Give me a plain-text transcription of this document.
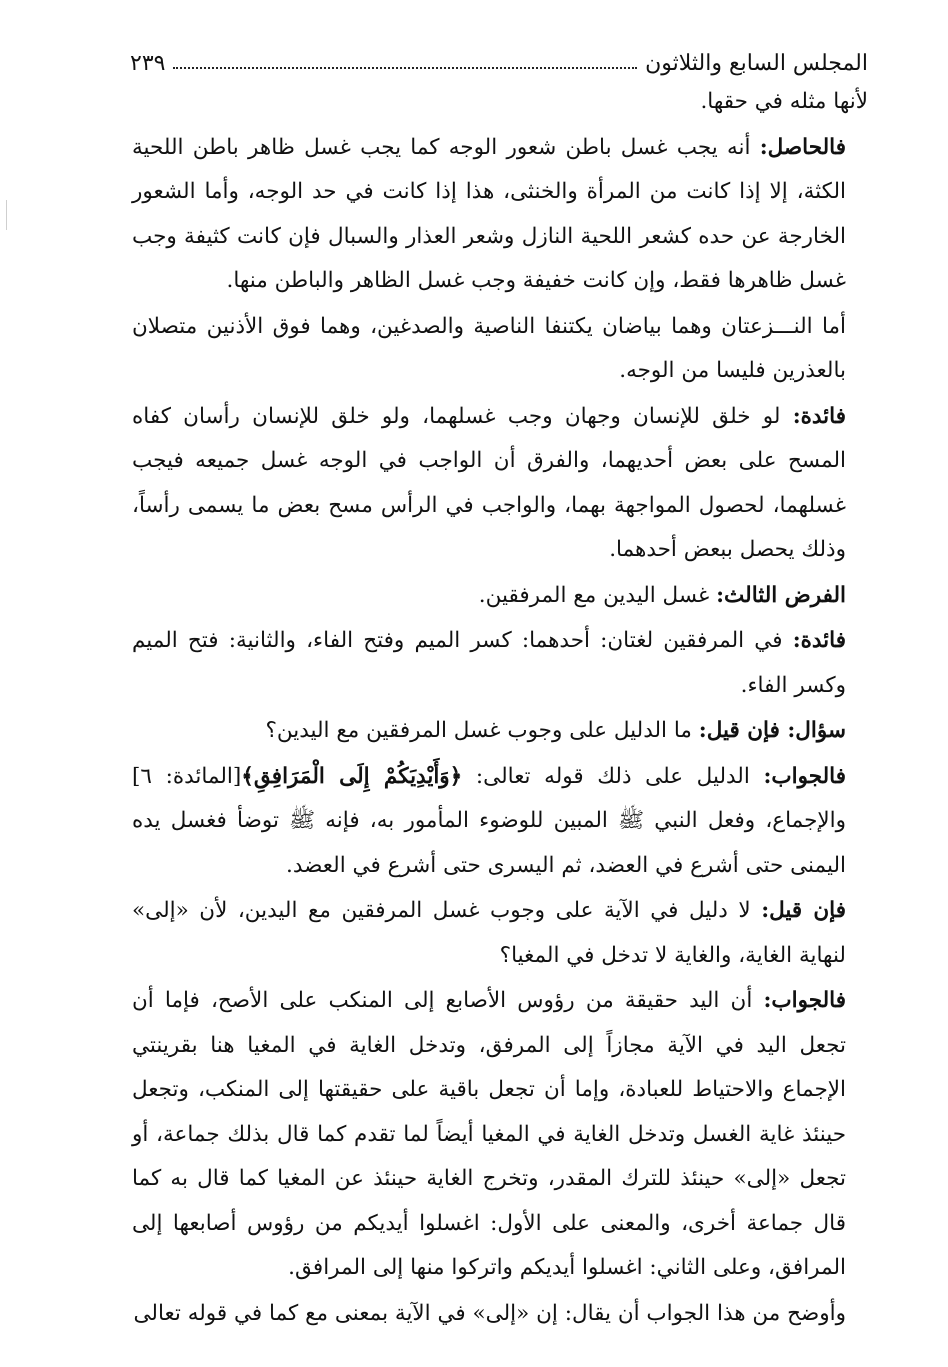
المجلس السابع والثلاثون
٢٣٩

لأنها مثله في حقها.

فالحاصل: أنه يجب غسل باطن شعور الوجه كما يجب غسل ظاهر باطن اللحية الكثة، إلا إذا كانت من المرأة والخنثى، هذا إذا كانت في حد الوجه، وأما الشعور الخارجة عن حده كشعر اللحية النازل وشعر العذار والسبال فإن كانت كثيفة وجب غسل ظاهرها فقط، وإن كانت خفيفة وجب غسل الظاهر والباطن منها.

أما النـــزعتان وهما بياضان يكتنفا الناصية والصدغين، وهما فوق الأذنين متصلان بالعذرين فليسا من الوجه.

فائدة: لو خلق للإنسان وجهان وجب غسلهما، ولو خلق للإنسان رأسان كفاه المسح على بعض أحديهما، والفرق أن الواجب في الوجه غسل جميعه فيجب غسلهما، لحصول المواجهة بهما، والواجب في الرأس مسح بعض ما يسمى رأساً، وذلك يحصل ببعض أحدهما.

الفرض الثالث: غسل اليدين مع المرفقين.

فائدة: في المرفقين لغتان: أحدهما: كسر الميم وفتح الفاء، والثانية: فتح الميم وكسر الفاء.

سؤال: فإن قيل: ما الدليل على وجوب غسل المرفقين مع اليدين؟

فالجواب: الدليل على ذلك قوله تعالى: ﴿وَأَيْدِيَكُمْ إِلَى الْمَرَافِقِ﴾[المائدة: ٦] والإجماع، وفعل النبي ﷺ المبين للوضوء المأمور به، فإنه ﷺ توضأ فغسل يده اليمنى حتى أشرع في العضد، ثم اليسرى حتى أشرع في العضد.

فإن قيل: لا دليل في الآية على وجوب غسل المرفقين مع اليدين، لأن «إلى» لنهاية الغاية، والغاية لا تدخل في المغيا؟

فالجواب: أن اليد حقيقة من رؤوس الأصابع إلى المنكب على الأصح، فإما أن تجعل اليد في الآية مجازاً إلى المرفق، وتدخل الغاية في المغيا هنا بقرينتي الإجماع والاحتياط للعبادة، وإما أن تجعل باقية على حقيقتها إلى المنكب، وتجعل حينئذ غاية الغسل وتدخل الغاية في المغيا أيضاً لما تقدم كما قال بذلك جماعة، أو تجعل «إلى» حينئذ للترك المقدر، وتخرج الغاية حينئذ عن المغيا كما قال به كما قال جماعة أخرى، والمعنى على الأول: اغسلوا أيديكم من رؤوس أصابعها إلى المرافق، وعلى الثاني: اغسلوا أيديكم واتركوا منها إلى المرافق.

وأوضح من هذا الجواب أن يقال: إن «إلى» في الآية بمعنى مع كما في قوله تعالى
